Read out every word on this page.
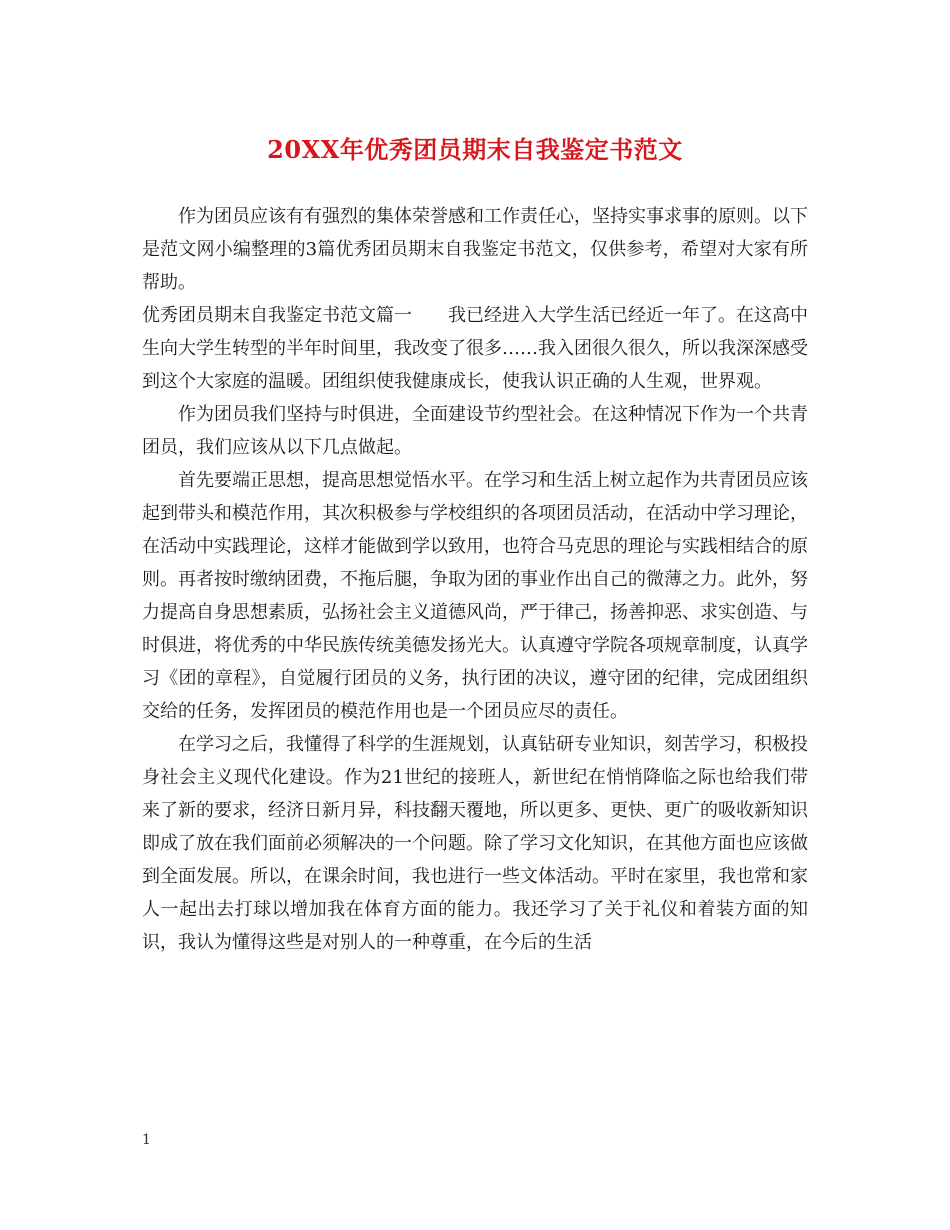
20XX年优秀团员期末自我鉴定书范文

作为团员应该有有强烈的集体荣誉感和工作责任心，坚持实事求事的原则。以下是范文网小编整理的3篇优秀团员期末自我鉴定书范文，仅供参考，希望对大家有所帮助。

优秀团员期末自我鉴定书范文篇一　　我已经进入大学生活已经近一年了。在这高中生向大学生转型的半年时间里，我改变了很多……我入团很久很久，所以我深深感受到这个大家庭的温暖。团组织使我健康成长，使我认识正确的人生观，世界观。

作为团员我们坚持与时俱进，全面建设节约型社会。在这种情况下作为一个共青团员，我们应该从以下几点做起。

首先要端正思想，提高思想觉悟水平。在学习和生活上树立起作为共青团员应该起到带头和模范作用，其次积极参与学校组织的各项团员活动，在活动中学习理论，在活动中实践理论，这样才能做到学以致用，也符合马克思的理论与实践相结合的原则。再者按时缴纳团费，不拖后腿，争取为团的事业作出自己的微薄之力。此外，努力提高自身思想素质，弘扬社会主义道德风尚，严于律己，扬善抑恶、求实创造、与时俱进，将优秀的中华民族传统美德发扬光大。认真遵守学院各项规章制度，认真学习《团的章程》，自觉履行团员的义务，执行团的决议，遵守团的纪律，完成团组织交给的任务，发挥团员的模范作用也是一个团员应尽的责任。

在学习之后，我懂得了科学的生涯规划，认真钻研专业知识，刻苦学习，积极投身社会主义现代化建设。作为21世纪的接班人，新世纪在悄悄降临之际也给我们带来了新的要求，经济日新月异，科技翻天覆地，所以更多、更快、更广的吸收新知识即成了放在我们面前必须解决的一个问题。除了学习文化知识，在其他方面也应该做到全面发展。所以，在课余时间，我也进行一些文体活动。平时在家里，我也常和家人一起出去打球以增加我在体育方面的能力。我还学习了关于礼仪和着装方面的知识，我认为懂得这些是对别人的一种尊重，在今后的生活

1
